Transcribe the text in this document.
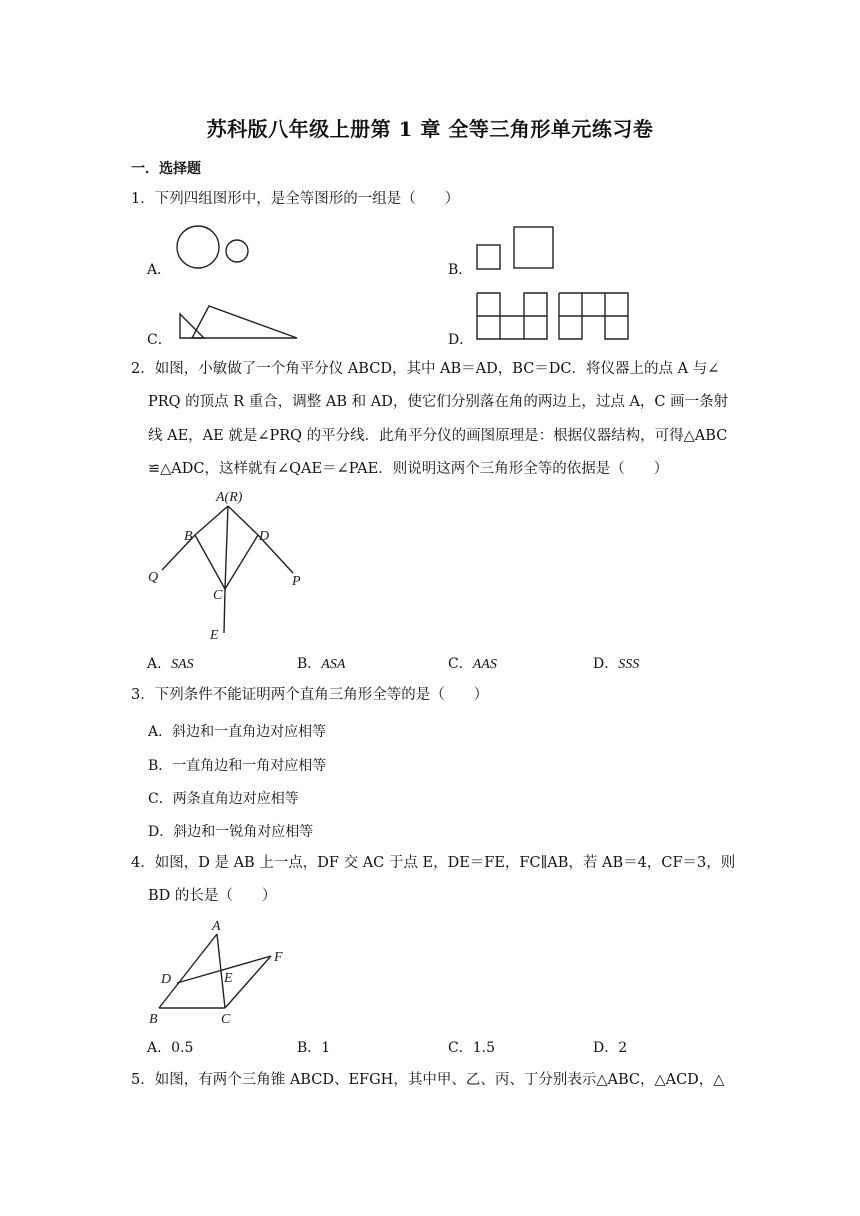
苏科版八年级上册第 1 章 全等三角形单元练习卷
一．选择题
1．下列四组图形中，是全等图形的一组是（　　）
A．	B．
C．	D．
2．如图，小敏做了一个角平分仪 ABCD，其中 AB＝AD，BC＝DC．将仪器上的点 A 与∠
PRQ 的顶点 R 重合，调整 AB 和 AD，使它们分别落在角的两边上，过点 A，C 画一条射
线 AE，AE 就是∠PRQ 的平分线．此角平分仪的画图原理是：根据仪器结构，可得△ABC
≌△ADC，这样就有∠QAE＝∠PAE．则说明这两个三角形全等的依据是（　　）
A(R)
B	D
Q
C
P
E
A．SAS	B．ASA	C．AAS	D．SSS
3．下列条件不能证明两个直角三角形全等的是（　　）
A．斜边和一直角边对应相等
B．一直角边和一角对应相等
C．两条直角边对应相等
D．斜边和一锐角对应相等
4．如图，D 是 AB 上一点，DF 交 AC 于点 E，DE＝FE，FC∥AB，若 AB＝4，CF＝3，则
BD 的长是（　　）
A
F
D	E
B	C
A．0.5	B．1	C．1.5	D．2
5．如图，有两个三角锥 ABCD、EFGH，其中甲、乙、丙、丁分别表示△ABC，△ACD，△
